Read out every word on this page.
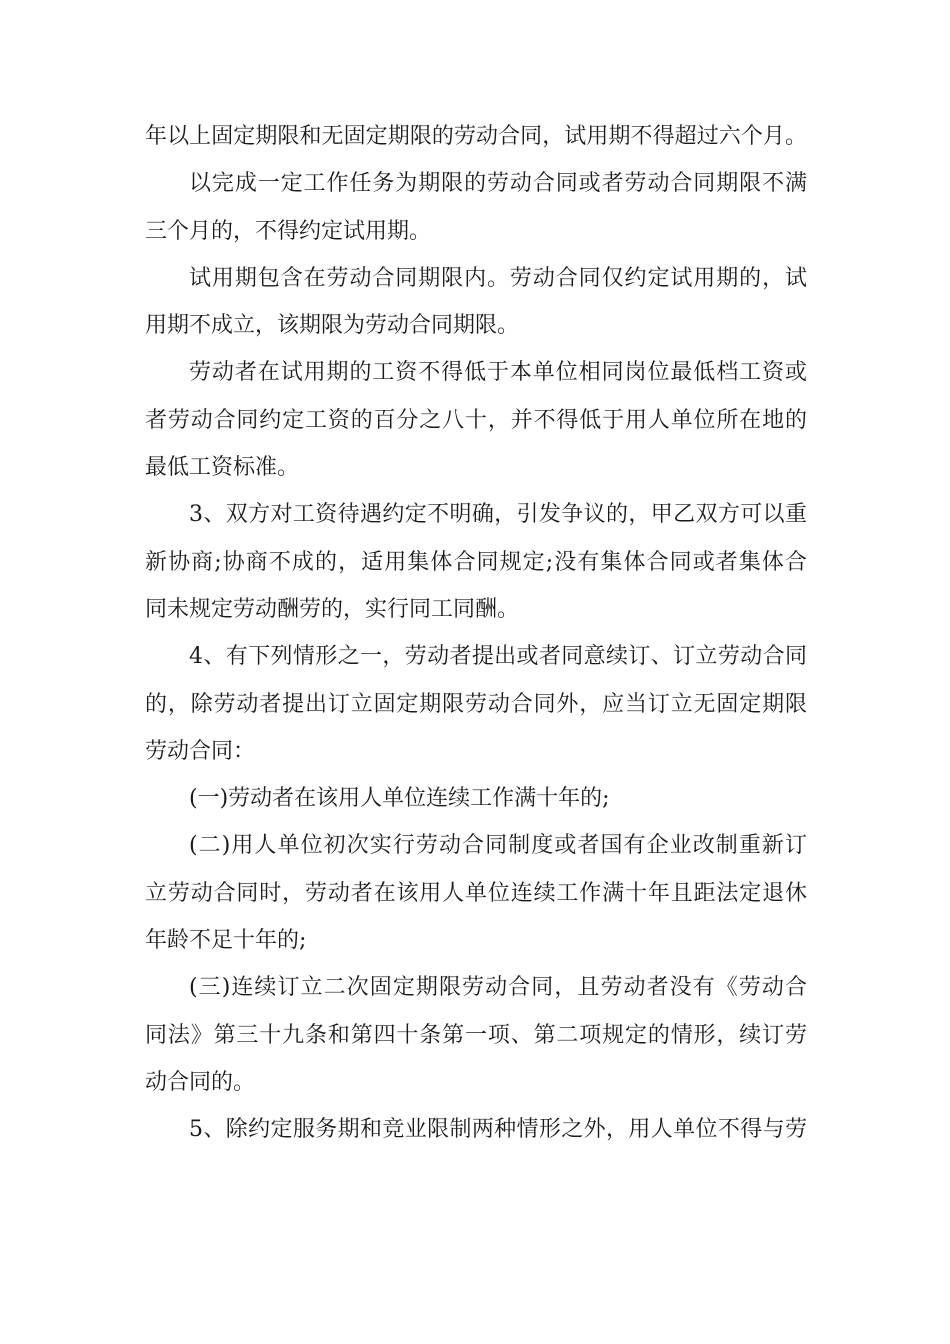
年以上固定期限和无固定期限的劳动合同，试用期不得超过六个月。
以完成一定工作任务为期限的劳动合同或者劳动合同期限不满
三个月的，不得约定试用期。
试用期包含在劳动合同期限内。劳动合同仅约定试用期的，试
用期不成立，该期限为劳动合同期限。
劳动者在试用期的工资不得低于本单位相同岗位最低档工资或
者劳动合同约定工资的百分之八十，并不得低于用人单位所在地的
最低工资标准。
3、双方对工资待遇约定不明确，引发争议的，甲乙双方可以重
新协商;协商不成的，适用集体合同规定;没有集体合同或者集体合
同未规定劳动酬劳的，实行同工同酬。
4、有下列情形之一，劳动者提出或者同意续订、订立劳动合同
的，除劳动者提出订立固定期限劳动合同外，应当订立无固定期限
劳动合同：
(一)劳动者在该用人单位连续工作满十年的;
(二)用人单位初次实行劳动合同制度或者国有企业改制重新订
立劳动合同时，劳动者在该用人单位连续工作满十年且距法定退休
年龄不足十年的;
(三)连续订立二次固定期限劳动合同，且劳动者没有《劳动合
同法》第三十九条和第四十条第一项、第二项规定的情形，续订劳
动合同的。
5、除约定服务期和竞业限制两种情形之外，用人单位不得与劳
